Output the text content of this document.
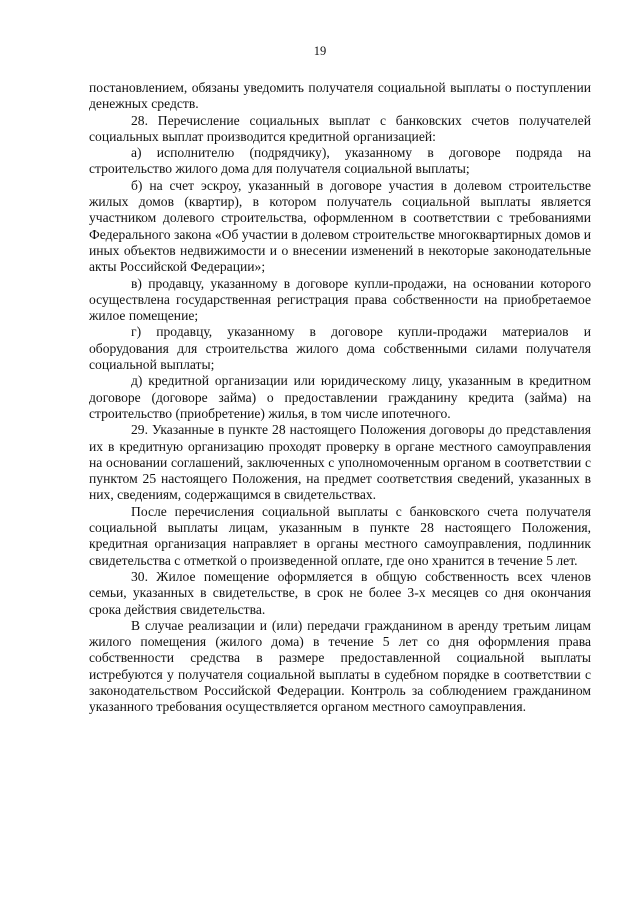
19

постановлением, обязаны уведомить получателя социальной выплаты о поступлении денежных средств.

28. Перечисление социальных выплат с банковских счетов получателей социальных выплат производится кредитной организацией:

а) исполнителю (подрядчику), указанному в договоре подряда на строительство жилого дома для получателя социальной выплаты;

б) на счет эскроу, указанный в договоре участия в долевом строительстве жилых домов (квартир), в котором получатель социальной выплаты является участником долевого строительства, оформленном в соответствии с требованиями Федерального закона «Об участии в долевом строительстве многоквартирных домов и иных объектов недвижимости и о внесении изменений в некоторые законодательные акты Российской Федерации»;

в) продавцу, указанному в договоре купли-продажи, на основании которого осуществлена государственная регистрация права собственности на приобретаемое жилое помещение;

г) продавцу, указанному в договоре купли-продажи материалов и оборудования для строительства жилого дома собственными силами получателя социальной выплаты;

д) кредитной организации или юридическому лицу, указанным в кредитном договоре (договоре займа) о предоставлении гражданину кредита (займа) на строительство (приобретение) жилья, в том числе ипотечного.

29. Указанные в пункте 28 настоящего Положения договоры до представления их в кредитную организацию проходят проверку в органе местного самоуправления на основании соглашений, заключенных с уполномоченным органом в соответствии с пунктом 25 настоящего Положения, на предмет соответствия сведений, указанных в них, сведениям, содержащимся в свидетельствах.

После перечисления социальной выплаты с банковского счета получателя социальной выплаты лицам, указанным в пункте 28 настоящего Положения, кредитная организация направляет в органы местного самоуправления, подлинник свидетельства с отметкой о произведенной оплате, где оно хранится в течение 5 лет.

30. Жилое помещение оформляется в общую собственность всех членов семьи, указанных в свидетельстве, в срок не более 3-х месяцев со дня окончания срока действия свидетельства.

В случае реализации и (или) передачи гражданином в аренду третьим лицам жилого помещения (жилого дома) в течение 5 лет со дня оформления права собственности средства в размере предоставленной социальной выплаты истребуются у получателя социальной выплаты в судебном порядке в соответствии с законодательством Российской Федерации. Контроль за соблюдением гражданином указанного требования осуществляется органом местного самоуправления.
